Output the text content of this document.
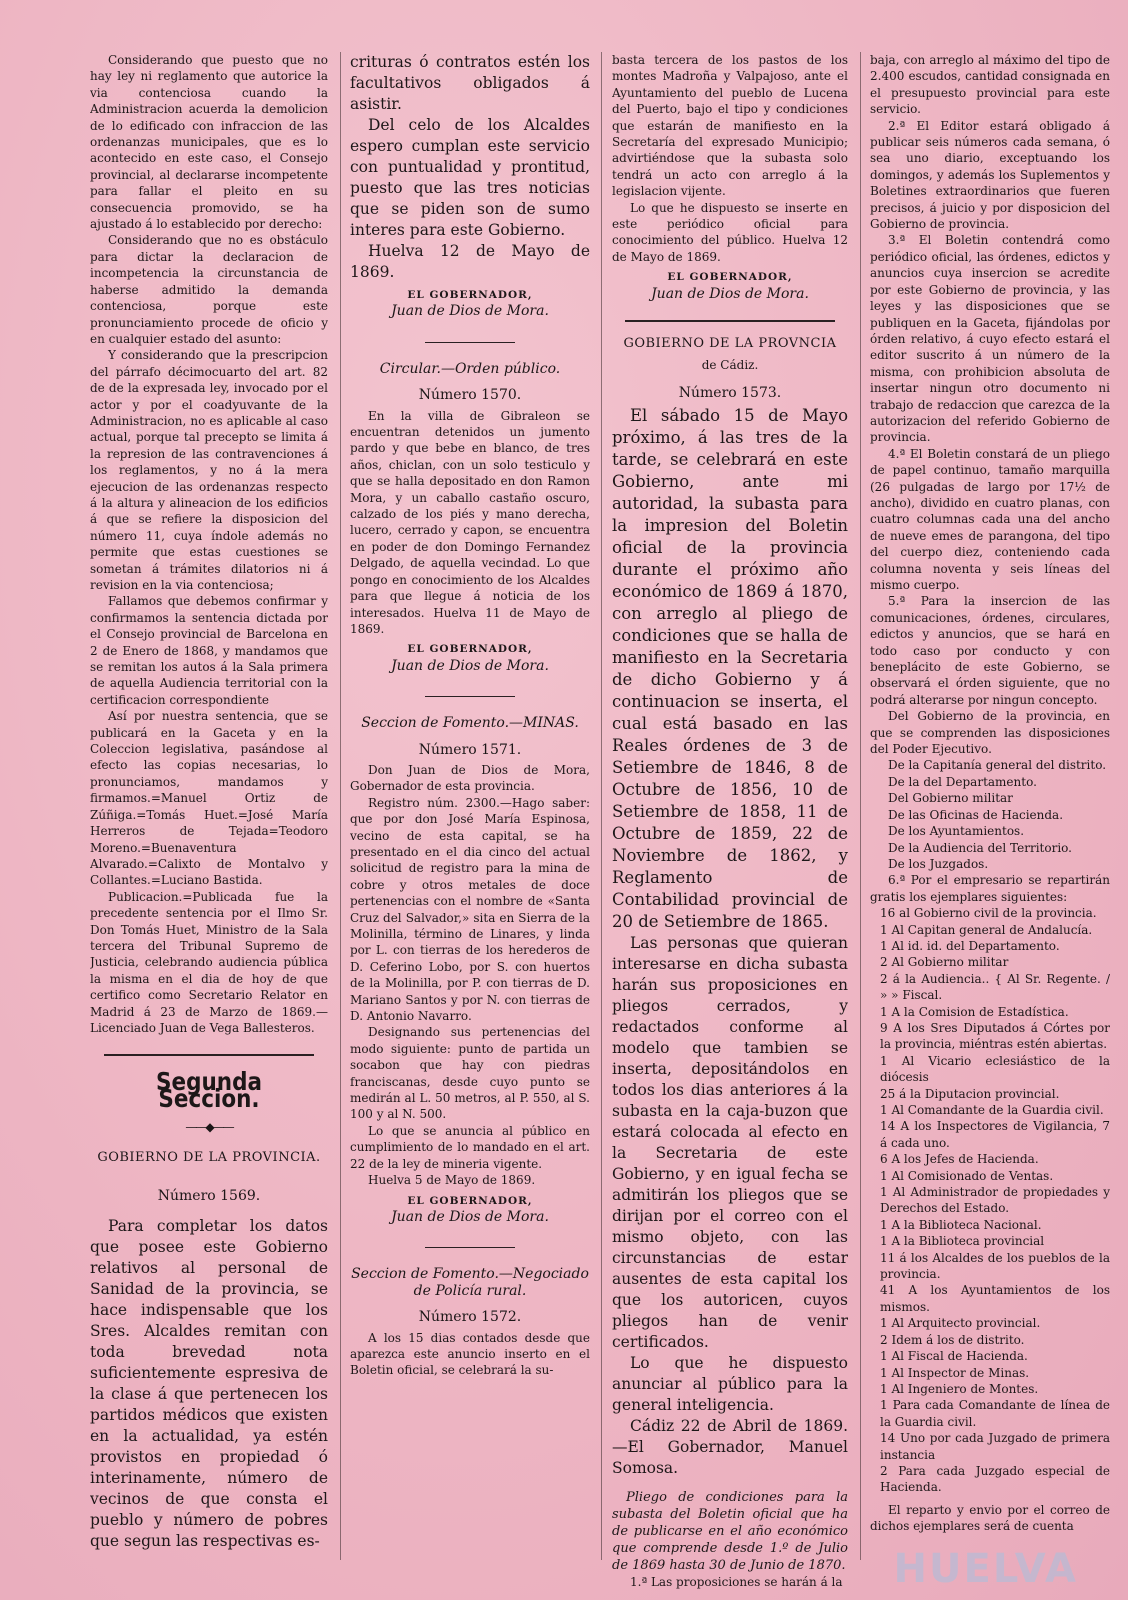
Considerando que puesto que no hay ley ni reglamento que autorice la via contenciosa cuando la Administracion acuerda la demolicion de lo edificado con infraccion de las ordenanzas municipales, que es lo acontecido en este caso, el Consejo provincial, al declararse incompetente para fallar el pleito en su consecuencia promovido, se ha ajustado á lo establecido por derecho:

Considerando que no es obstáculo para dictar la declaracion de incompetencia la circunstancia de haberse admitido la demanda contenciosa, porque este pronunciamiento procede de oficio y en cualquier estado del asunto:

Y considerando que la prescripcion del párrafo décimocuarto del art. 82 de de la expresada ley, invocado por el actor y por el coadyuvante de la Administracion, no es aplicable al caso actual, porque tal precepto se limita á la represion de las contravenciones á los reglamentos, y no á la mera ejecucion de las ordenanzas respecto á la altura y alineacion de los edificios á que se refiere la disposicion del número 11, cuya índole además no permite que estas cuestiones se sometan á trámites dilatorios ni á revision en la via contenciosa;

Fallamos que debemos confirmar y confirmamos la sentencia dictada por el Consejo provincial de Barcelona en 2 de Enero de 1868, y mandamos que se remitan los autos á la Sala primera de aquella Audiencia territorial con la certificacion correspondiente

Así por nuestra sentencia, que se publicará en la Gaceta y en la Coleccion legislativa, pasándose al efecto las copias necesarias, lo pronunciamos, mandamos y firmamos.=Manuel Ortiz de Zúñiga.=Tomás Huet.=José María Herreros de Tejada=Teodoro Moreno.=Buenaventura Alvarado.=Calixto de Montalvo y Collantes.=Luciano Bastida.

Publicacion.=Publicada fue la precedente sentencia por el Ilmo Sr. Don Tomás Huet, Ministro de la Sala tercera del Tribunal Supremo de Justicia, celebrando audiencia pública la misma en el dia de hoy de que certifico como Secretario Relator en Madrid á 23 de Marzo de 1869.—Licenciado Juan de Vega Ballesteros.

Segunda Seccion.
——◆——
GOBIERNO DE LA PROVINCIA.
Número 1569.

Para completar los datos que posee este Gobierno relativos al personal de Sanidad de la provincia, se hace indispensable que los Sres. Alcaldes remitan con toda brevedad nota suficientemente espresiva de la clase á que pertenecen los partidos médicos que existen en la actualidad, ya estén provistos en propiedad ó interinamente, número de vecinos de que consta el pueblo y número de pobres que segun las respectivas es-

crituras ó contratos estén los facultativos obligados á asistir.

Del celo de los Alcaldes espero cumplan este servicio con puntualidad y prontitud, puesto que las tres noticias que se piden son de sumo interes para este Gobierno.

Huelva 12 de Mayo de 1869.

EL GOBERNADOR,
Juan de Dios de Mora.
Circular.—Orden público.
Número 1570.

En la villa de Gibraleon se encuentran detenidos un jumento pardo y que bebe en blanco, de tres años, chiclan, con un solo testiculo y que se halla depositado en don Ramon Mora, y un caballo castaño oscuro, calzado de los piés y mano derecha, lucero, cerrado y capon, se encuentra en poder de don Domingo Fernandez Delgado, de aquella vecindad. Lo que pongo en conocimiento de los Alcaldes para que llegue á noticia de los interesados. Huelva 11 de Mayo de 1869.

EL GOBERNADOR,
Juan de Dios de Mora.
Seccion de Fomento.—MINAS.
Número 1571.

Don Juan de Dios de Mora, Gobernador de esta provincia.

Registro núm. 2300.—Hago saber: que por don José María Espinosa, vecino de esta capital, se ha presentado en el dia cinco del actual solicitud de registro para la mina de cobre y otros metales de doce pertenencias con el nombre de «Santa Cruz del Salvador,» sita en Sierra de la Molinilla, término de Linares, y linda por L. con tierras de los herederos de D. Ceferino Lobo, por S. con huertos de la Molinilla, por P. con tierras de D. Mariano Santos y por N. con tierras de D. Antonio Navarro.

Designando sus pertenencias del modo siguiente: punto de partida un socabon que hay con piedras franciscanas, desde cuyo punto se medirán al L. 50 metros, al P. 550, al S. 100 y al N. 500.

Lo que se anuncia al público en cumplimiento de lo mandado en el art. 22 de la ley de mineria vigente.

Huelva 5 de Mayo de 1869.

EL GOBERNADOR,
Juan de Dios de Mora.
Seccion de Fomento.—Negociado de Policía rural.
Número 1572.

A los 15 dias contados desde que aparezca este anuncio inserto en el Boletin oficial, se celebrará la su-

basta tercera de los pastos de los montes Madroña y Valpajoso, ante el Ayuntamiento del pueblo de Lucena del Puerto, bajo el tipo y condiciones que estarán de manifiesto en la Secretaría del expresado Municipio; advirtiéndose que la subasta solo tendrá un acto con arreglo á la legislacion vijente.

Lo que he dispuesto se inserte en este periódico oficial para conocimiento del público. Huelva 12 de Mayo de 1869.

EL GOBERNADOR,
Juan de Dios de Mora.
GOBIERNO DE LA PROVNCIA
de Cádiz.
Número 1573.

El sábado 15 de Mayo próximo, á las tres de la tarde, se celebrará en este Gobierno, ante mi autoridad, la subasta para la impresion del Boletin oficial de la provincia durante el próximo año económico de 1869 á 1870, con arreglo al pliego de condiciones que se halla de manifiesto en la Secretaria de dicho Gobierno y á continuacion se inserta, el cual está basado en las Reales órdenes de 3 de Setiembre de 1846, 8 de Octubre de 1856, 10 de Setiembre de 1858, 11 de Octubre de 1859, 22 de Noviembre de 1862, y Reglamento de Contabilidad provincial de 20 de Setiembre de 1865.

Las personas que quieran interesarse en dicha subasta harán sus proposiciones en pliegos cerrados, y redactados conforme al modelo que tambien se inserta, depositándolos en todos los dias anteriores á la subasta en la caja-buzon que estará colocada al efecto en la Secretaria de este Gobierno, y en igual fecha se admitirán los pliegos que se dirijan por el correo con el mismo objeto, con las circunstancias de estar ausentes de esta capital los que los autoricen, cuyos pliegos han de venir certificados.

Lo que he dispuesto anunciar al público para la general inteligencia.

Cádiz 22 de Abril de 1869. —El Gobernador, Manuel Somosa.

Pliego de condiciones para la subasta del Boletin oficial que ha de publicarse en el año económico que comprende desde 1.º de Julio de 1869 hasta 30 de Junio de 1870.

1.ª Las proposiciones se harán á la

baja, con arreglo al máximo del tipo de 2.400 escudos, cantidad consignada en el presupuesto provincial para este servicio.

2.ª El Editor estará obligado á publicar seis números cada semana, ó sea uno diario, exceptuando los domingos, y además los Suplementos y Boletines extraordinarios que fueren precisos, á juicio y por disposicion del Gobierno de provincia.

3.ª El Boletin contendrá como periódico oficial, las órdenes, edictos y anuncios cuya insercion se acredite por este Gobierno de provincia, y las leyes y las disposiciones que se publiquen en la Gaceta, fijándolas por órden relativo, á cuyo efecto estará el editor suscrito á un número de la misma, con prohibicion absoluta de insertar ningun otro documento ni trabajo de redaccion que carezca de la autorizacion del referido Gobierno de provincia.

4.ª El Boletin constará de un pliego de papel continuo, tamaño marquilla (26 pulgadas de largo por 17½ de ancho), dividido en cuatro planas, con cuatro columnas cada una del ancho de nueve emes de parangona, del tipo del cuerpo diez, conteniendo cada columna noventa y seis líneas del mismo cuerpo.

5.ª Para la insercion de las comunicaciones, órdenes, circulares, edictos y anuncios, que se hará en todo caso por conducto y con beneplácito de este Gobierno, se observará el órden siguiente, que no podrá alterarse por ningun concepto.

Del Gobierno de la provincia, en que se comprenden las disposiciones del Poder Ejecutivo.

De la Capitanía general del distrito.

De la del Departamento.

Del Gobierno militar

De las Oficinas de Hacienda.

De los Ayuntamientos.

De la Audiencia del Territorio.

De los Juzgados.

6.ª Por el empresario se repartirán gratis los ejemplares siguientes:

16 al Gobierno civil de la provincia.

1 Al Capitan general de Andalucía.

1 Al id. id. del Departamento.

2 Al Gobierno militar

2 á la Audiencia.. { Al Sr. Regente. / » » Fiscal.

1 A la Comision de Estadística.

9 A los Sres Diputados á Córtes por la provincia, miéntras estén abiertas.

1 Al Vicario eclesiástico de la diócesis

25 á la Diputacion provincial.

1 Al Comandante de la Guardia civil.

14 A los Inspectores de Vigilancia, 7 á cada uno.

6 A los Jefes de Hacienda.

1 Al Comisionado de Ventas.

1 Al Administrador de propiedades y Derechos del Estado.

1 A la Biblioteca Nacional.

1 A la Biblioteca provincial

11 á los Alcaldes de los pueblos de la provincia.

41 A los Ayuntamientos de los mismos.

1 Al Arquitecto provincial.

2 Idem á los de distrito.

1 Al Fiscal de Hacienda.

1 Al Inspector de Minas.

1 Al Ingeniero de Montes.

1 Para cada Comandante de línea de la Guardia civil.

14 Uno por cada Juzgado de primera instancia

2 Para cada Juzgado especial de Hacienda.

El reparto y envio por el correo de dichos ejemplares será de cuenta

HUELVA
